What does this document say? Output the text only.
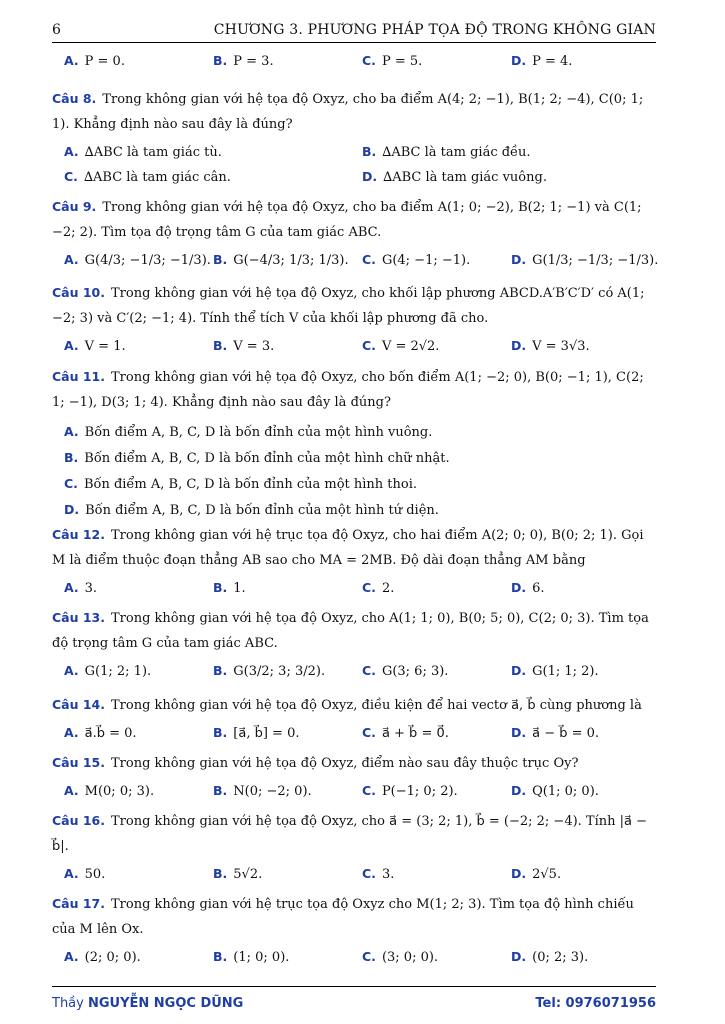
6	CHƯƠNG 3. PHƯƠNG PHÁP TỌA ĐỘ TRONG KHÔNG GIAN
A. P = 0.	B. P = 3.	C. P = 5.	D. P = 4.

Câu 8. Trong không gian với hệ tọa độ Oxyz, cho ba điểm A(4; 2; −1), B(1; 2; −4), C(0; 1; 1). Khẳng định nào sau đây là đúng?

A. ∆ABC là tam giác tù.	B. ∆ABC là tam giác đều.
C. ∆ABC là tam giác cân.	D. ∆ABC là tam giác vuông.

Câu 9. Trong không gian với hệ tọa độ Oxyz, cho ba điểm A(1; 0; −2), B(2; 1; −1) và C(1; −2; 2). Tìm tọa độ trọng tâm G của tam giác ABC.

A. G(4/3; −1/3; −1/3). B. G(−4/3; 1/3; 1/3). C. G(4; −1; −1).	D. G(1/3; −1/3; −1/3).

Câu 10. Trong không gian với hệ tọa độ Oxyz, cho khối lập phương ABCD.A′B′C′D′ có A(1; −2; 3) và C′(2; −1; 4). Tính thể tích V của khối lập phương đã cho.

A. V = 1.	B. V = 3.	C. V = 2√2.	D. V = 3√3.

Câu 11. Trong không gian với hệ tọa độ Oxyz, cho bốn điểm A(1; −2; 0), B(0; −1; 1), C(2; 1; −1), D(3; 1; 4). Khẳng định nào sau đây là đúng?

A. Bốn điểm A, B, C, D là bốn đỉnh của một hình vuông.
B. Bốn điểm A, B, C, D là bốn đỉnh của một hình chữ nhật.
C. Bốn điểm A, B, C, D là bốn đỉnh của một hình thoi.
D. Bốn điểm A, B, C, D là bốn đỉnh của một hình tứ diện.

Câu 12. Trong không gian với hệ trục tọa độ Oxyz, cho hai điểm A(2; 0; 0), B(0; 2; 1). Gọi M là điểm thuộc đoạn thẳng AB sao cho MA = 2MB. Độ dài đoạn thẳng AM bằng

A. 3.	B. 1.	C. 2.	D. 6.

Câu 13. Trong không gian với hệ tọa độ Oxyz, cho A(1; 1; 0), B(0; 5; 0), C(2; 0; 3). Tìm tọa độ trọng tâm G của tam giác ABC.

A. G(1; 2; 1).	B. G(3/2; 3; 3/2).	C. G(3; 6; 3).	D. G(1; 1; 2).

Câu 14. Trong không gian với hệ tọa độ Oxyz, điều kiện để hai vectơ a⃗, b⃗ cùng phương là

A. a⃗.b⃗ = 0.	B. [a⃗, b⃗] = 0.	C. a⃗ + b⃗ = 0⃗.	D. a⃗ − b⃗ = 0.

Câu 15. Trong không gian với hệ tọa độ Oxyz, điểm nào sau đây thuộc trục Oy?

A. M(0; 0; 3).	B. N(0; −2; 0).	C. P(−1; 0; 2).	D. Q(1; 0; 0).

Câu 16. Trong không gian với hệ tọa độ Oxyz, cho a⃗ = (3; 2; 1), b⃗ = (−2; 2; −4). Tính |a⃗ − b⃗|.

A. 50.	B. 5√2.	C. 3.	D. 2√5.

Câu 17. Trong không gian với hệ trục tọa độ Oxyz cho M(1; 2; 3). Tìm tọa độ hình chiếu của M lên Ox.

A. (2; 0; 0).	B. (1; 0; 0).	C. (3; 0; 0).	D. (0; 2; 3).
Thầy NGUYỄN NGỌC DŨNG	Tel: 0976071956
